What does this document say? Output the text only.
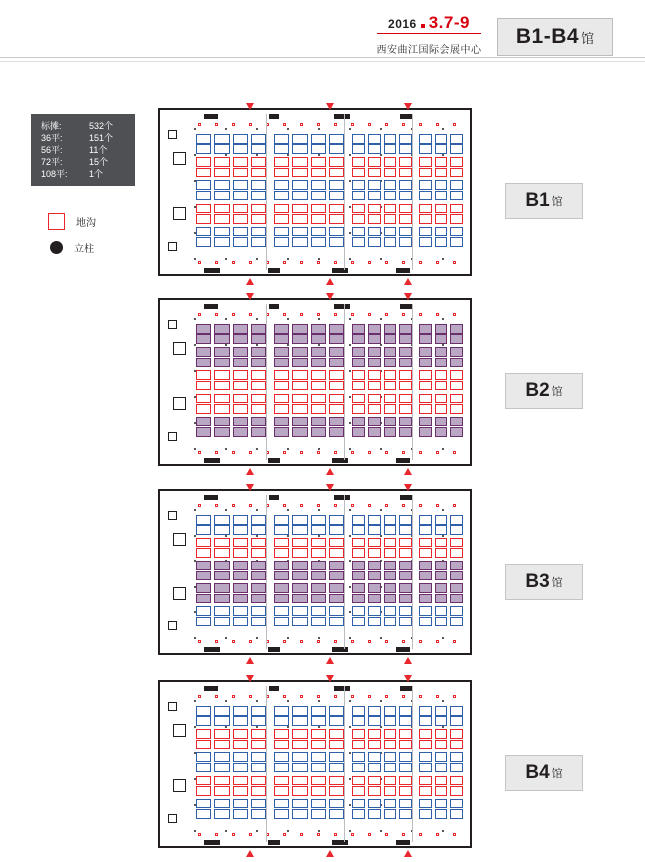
2016 3.7-9
西安曲江国际会展中心
B1-B4 馆
标摊:	532个
36平:	151个
56平:	11个
72平:	15个
108平:	1个
地沟
立柱
B1 馆
B2 馆
B3 馆
B4 馆
